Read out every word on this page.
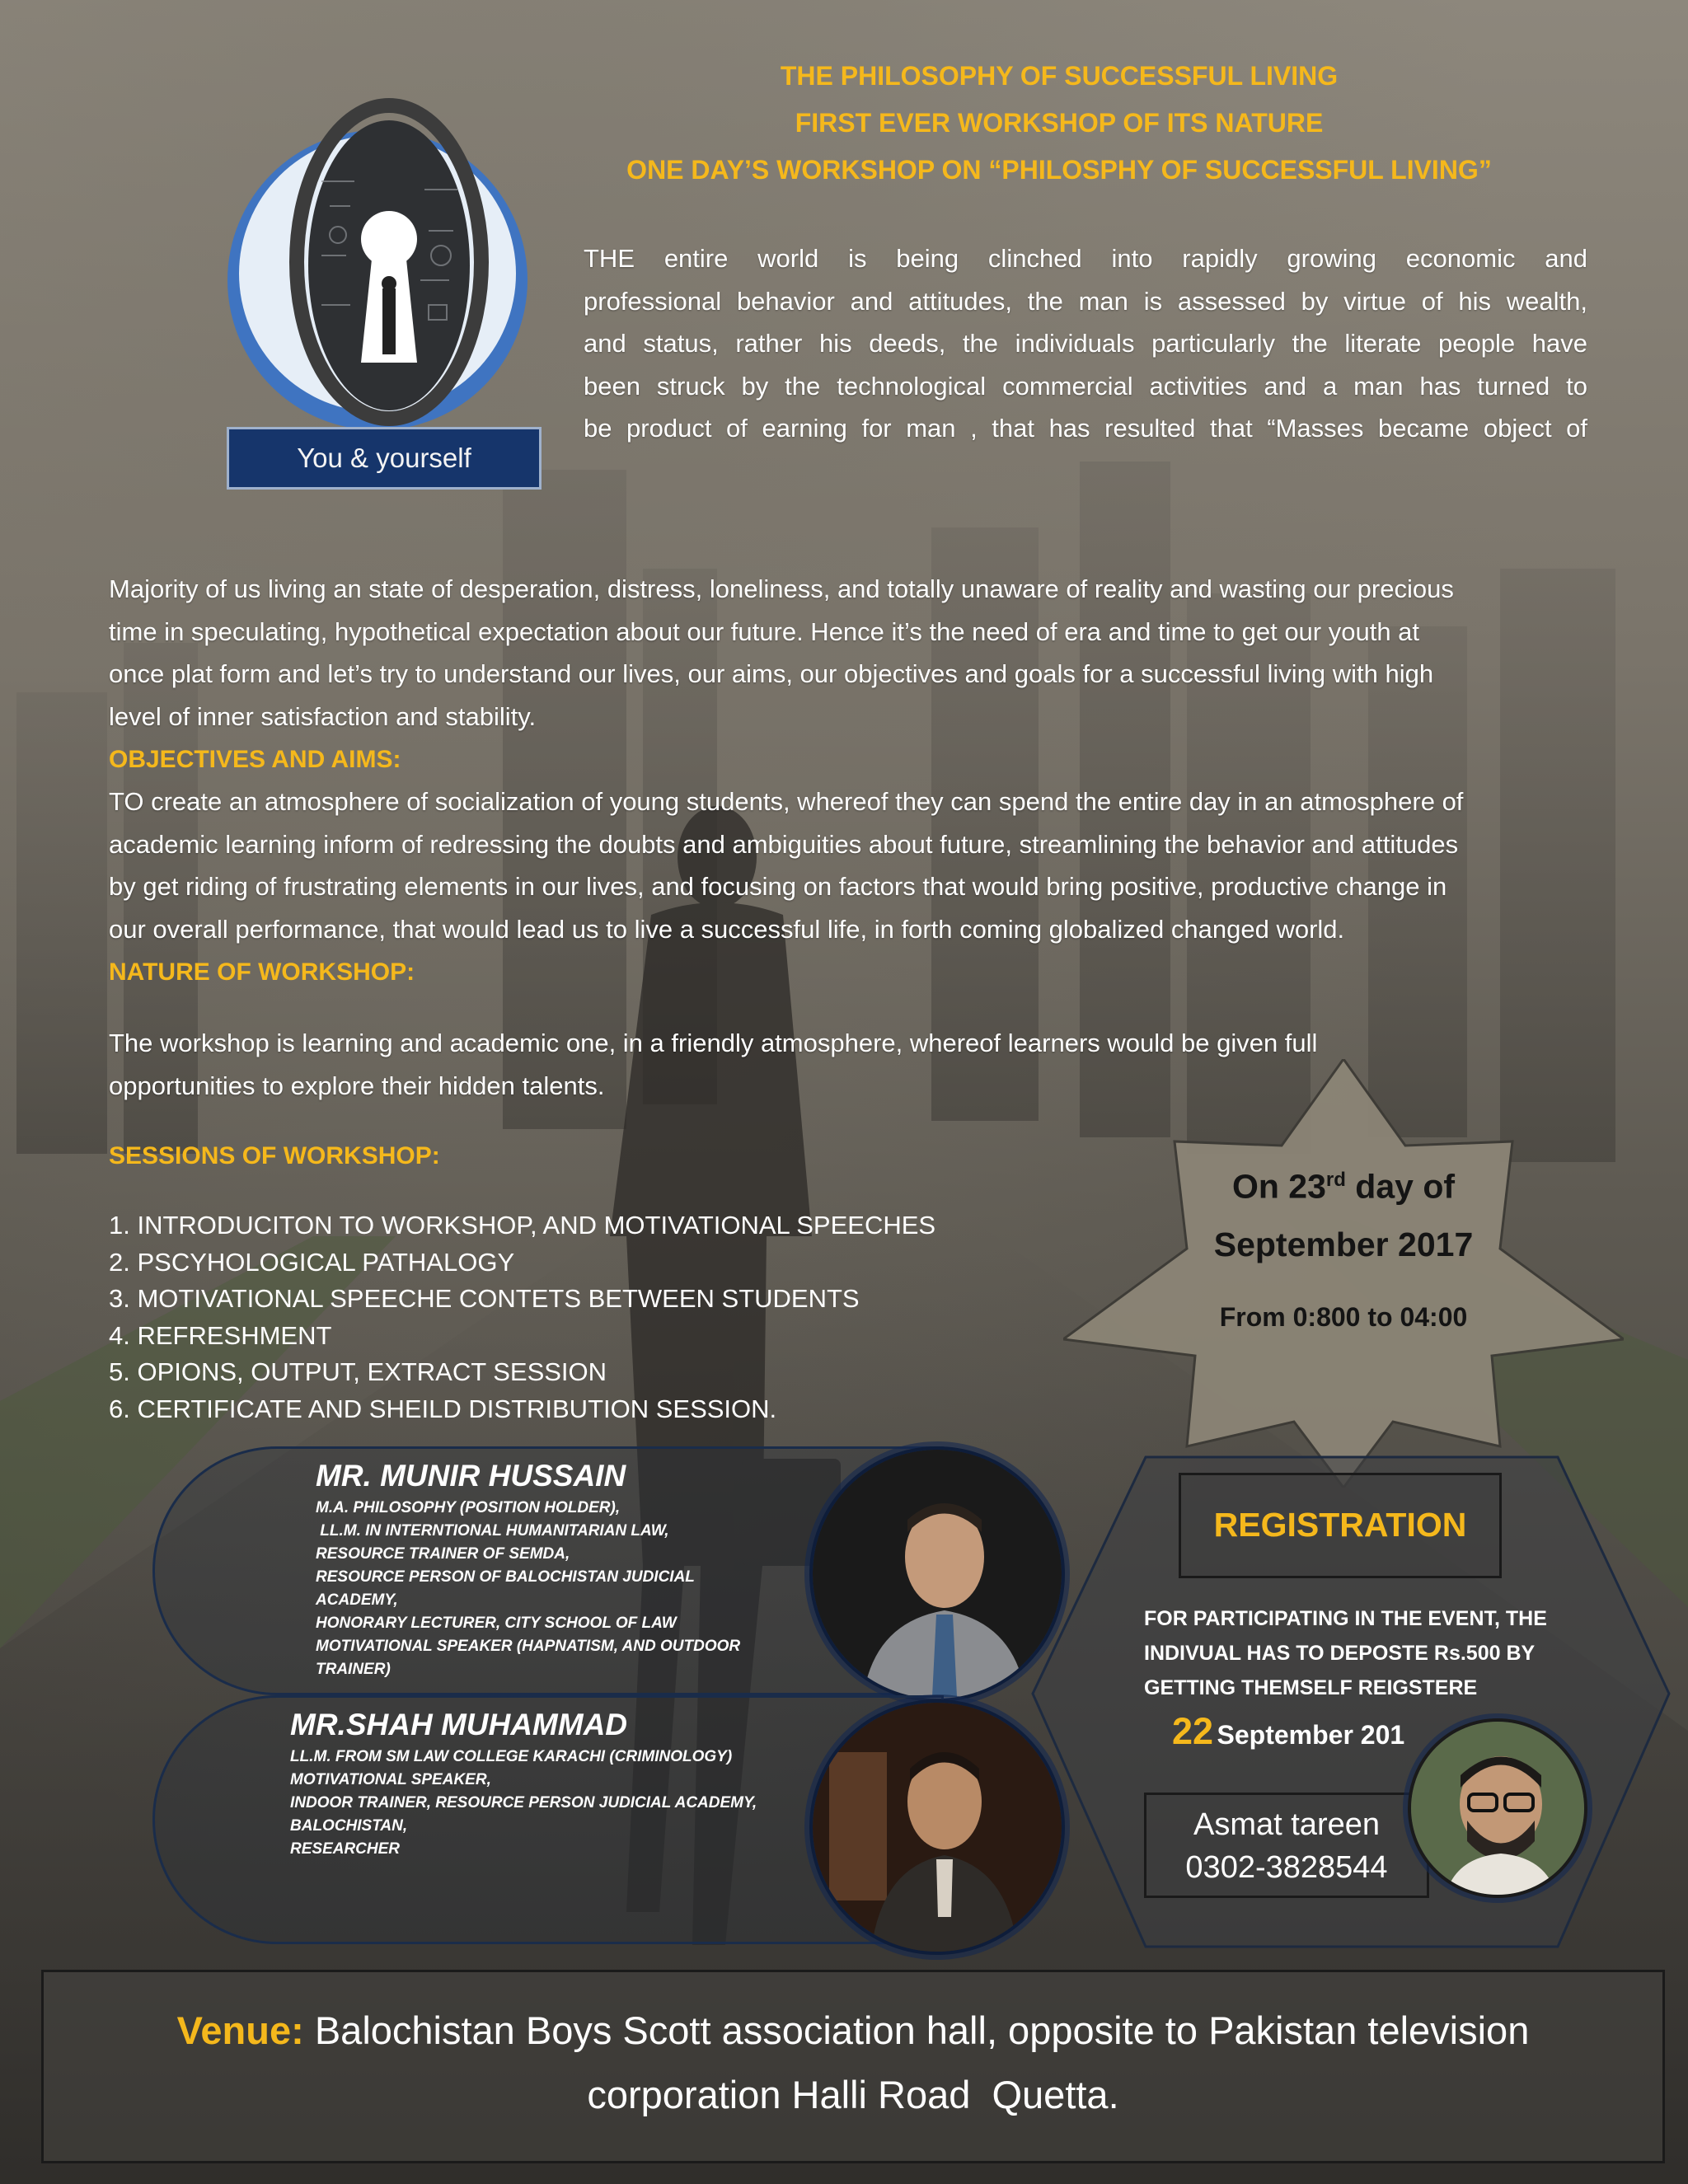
THE PHILOSOPHY OF SUCCESSFUL LIVING
FIRST EVER WORKSHOP OF ITS NATURE
ONE DAY’S WORKSHOP ON “PHILOSPHY OF SUCCESSFUL LIVING”
You & yourself
THE entire world is being clinched into rapidly growing economic and
professional behavior and attitudes, the man is assessed by virtue of his wealth,
and status, rather his deeds, the individuals particularly the literate people have
been struck by the technological commercial activities and a man has turned to
be product of earning for man , that has resulted that “Masses became object of
Majority of us living an state of desperation, distress, loneliness, and totally unaware of reality and wasting our precious
time in speculating, hypothetical expectation about our future. Hence it’s the need of era and time to get our youth at
once plat form and let’s try to understand our lives, our aims, our objectives and goals for a successful living with high
level of inner satisfaction and stability.
OBJECTIVES AND AIMS:
TO create an atmosphere of socialization of young students, whereof they can spend the entire day in an atmosphere of
academic learning inform of redressing the doubts and ambiguities about future, streamlining the behavior and attitudes
by get riding of frustrating elements in our lives, and focusing on factors that would bring positive, productive change in
our overall performance, that would lead us to live a successful life, in forth coming globalized changed world.
NATURE OF WORKSHOP:
The workshop is learning and academic one, in a friendly atmosphere, whereof learners would be given full
opportunities to explore their hidden talents.
SESSIONS OF WORKSHOP:
1. INTRODUCITON TO WORKSHOP, AND MOTIVATIONAL SPEECHES
2. PSCYHOLOGICAL PATHALOGY
3. MOTIVATIONAL SPEECHE CONTETS BETWEEN STUDENTS
4. REFRESHMENT
5. OPIONS, OUTPUT, EXTRACT SESSION
6. CERTIFICATE AND SHEILD DISTRIBUTION SESSION.
On 23rd day of
September 2017
From 0:800 to 04:00
MR. MUNIR HUSSAIN
M.A. PHILOSOPHY (POSITION HOLDER),
LL.M. IN INTERNTIONAL HUMANITARIAN LAW,
RESOURCE TRAINER OF SEMDA,
RESOURCE PERSON OF BALOCHISTAN JUDICIAL
ACADEMY,
HONORARY LECTURER, CITY SCHOOL OF LAW
MOTIVATIONAL SPEAKER (HAPNATISM, AND OUTDOOR
TRAINER)
MR.SHAH MUHAMMAD
LL.M. FROM SM LAW COLLEGE KARACHI (CRIMINOLOGY)
MOTIVATIONAL SPEAKER,
INDOOR TRAINER, RESOURCE PERSON JUDICIAL ACADEMY,
BALOCHISTAN,
RESEARCHER
REGISTRATION
FOR PARTICIPATING IN THE EVENT, THE
INDIVUAL HAS TO DEPOSTE Rs.500 BY
GETTING THEMSELF REIGSTERE
22 September 201
Asmat tareen
0302-3828544
Venue: Balochistan Boys Scott association hall, opposite to Pakistan television
corporation Halli Road  Quetta.
